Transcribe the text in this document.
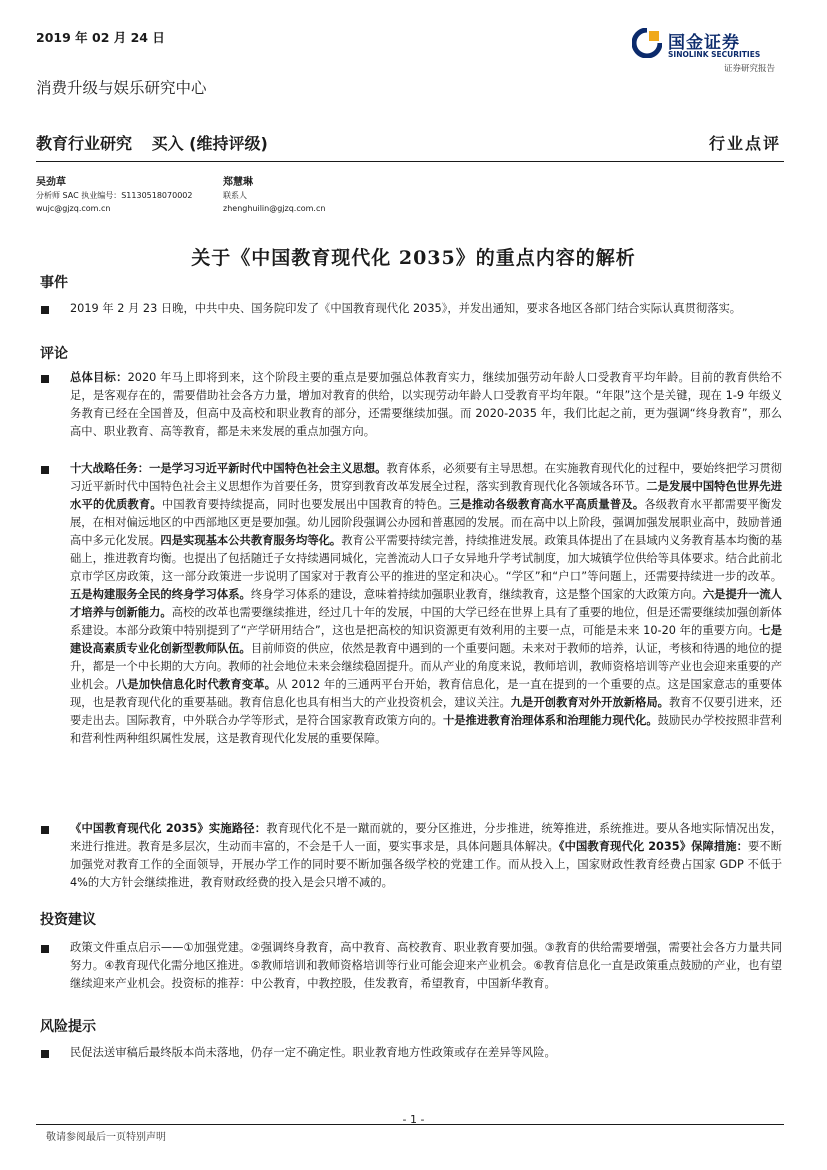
2019 年 02 月 24 日	国金证券
SINOLINK SECURITIES
证券研究报告
消费升级与娱乐研究中心
教育行业研究 买入 (维持评级)	行业点评
吴劲草
分析师 SAC 执业编号：S1130518070002
wujc@gjzq.com.cn
郑慧琳
联系人
zhenghuilin@gjzq.com.cn
关于《中国教育现代化 2035》的重点内容的解析
事件
2019 年 2 月 23 日晚，中共中央、国务院印发了《中国教育现代化 2035》，并发出通知，要求各地区各部门结合实际认真贯彻落实。
评论
总体目标：2020 年马上即将到来，这个阶段主要的重点是要加强总体教育实力，继续加强劳动年龄人口受教育平均年龄。目前的教育供给不足，是客观存在的，需要借助社会各方力量，增加对教育的供给，以实现劳动年龄人口受教育平均年限。“年限”这个是关键，现在 1-9 年级义务教育已经在全国普及，但高中及高校和职业教育的部分，还需要继续加强。而 2020-2035 年，我们比起之前，更为强调“终身教育”，那么高中、职业教育、高等教育，都是未来发展的重点加强方向。
十大战略任务：一是学习习近平新时代中国特色社会主义思想。教育体系，必须要有主导思想。在实施教育现代化的过程中，要始终把学习贯彻习近平新时代中国特色社会主义思想作为首要任务，贯穿到教育改革发展全过程，落实到教育现代化各领域各环节。二是发展中国特色世界先进水平的优质教育。中国教育要持续提高，同时也要发展出中国教育的特色。三是推动各级教育高水平高质量普及。各级教育水平都需要平衡发展，在相对偏远地区的中西部地区更是要加强。幼儿园阶段强调公办园和普惠园的发展。而在高中以上阶段，强调加强发展职业高中，鼓励普通高中多元化发展。四是实现基本公共教育服务均等化。教育公平需要持续完善，持续推进发展。政策具体提出了在县域内义务教育基本均衡的基础上，推进教育均衡。也提出了包括随迁子女持续遇同城化，完善流动人口子女异地升学考试制度，加大城镇学位供给等具体要求。结合此前北京市学区房政策，这一部分政策进一步说明了国家对于教育公平的推进的坚定和决心。“学区”和“户口”等问题上，还需要持续进一步的改革。五是构建服务全民的终身学习体系。终身学习体系的建设，意味着持续加强职业教育，继续教育，这是整个国家的大政策方向。六是提升一流人才培养与创新能力。高校的改革也需要继续推进，经过几十年的发展，中国的大学已经在世界上具有了重要的地位，但是还需要继续加强创新体系建设。本部分政策中特别提到了“产学研用结合”，这也是把高校的知识资源更有效利用的主要一点，可能是未来 10-20 年的重要方向。七是建设高素质专业化创新型教师队伍。目前师资的供应，依然是教育中遇到的一个重要问题。未来对于教师的培养，认证，考核和待遇的地位的提升，都是一个中长期的大方向。教师的社会地位未来会继续稳固提升。而从产业的角度来说，教师培训，教师资格培训等产业也会迎来重要的产业机会。八是加快信息化时代教育变革。从 2012 年的三通两平台开始，教育信息化，是一直在提到的一个重要的点。这是国家意志的重要体现，也是教育现代化的重要基础。教育信息化也具有相当大的产业投资机会，建议关注。九是开创教育对外开放新格局。教育不仅要引进来，还要走出去。国际教育，中外联合办学等形式，是符合国家教育政策方向的。十是推进教育治理体系和治理能力现代化。鼓励民办学校按照非营利和营利性两种组织属性发展，这是教育现代化发展的重要保障。
《中国教育现代化 2035》实施路径：教育现代化不是一蹴而就的，要分区推进，分步推进，统筹推进，系统推进。要从各地实际情况出发，来进行推进。教育是多层次，生动而丰富的，不会是千人一面，要实事求是，具体问题具体解决。《中国教育现代化 2035》保障措施：要不断加强党对教育工作的全面领导，开展办学工作的同时要不断加强各级学校的党建工作。而从投入上，国家财政性教育经费占国家 GDP 不低于 4%的大方针会继续推进，教育财政经费的投入是会只增不减的。
投资建议
政策文件重点启示——①加强党建。②强调终身教育，高中教育、高校教育、职业教育要加强。③教育的供给需要增强，需要社会各方力量共同努力。④教育现代化需分地区推进。⑤教师培训和教师资格培训等行业可能会迎来产业机会。⑥教育信息化一直是政策重点鼓励的产业，也有望继续迎来产业机会。投资标的推荐：中公教育，中教控股，佳发教育，希望教育，中国新华教育。
风险提示
民促法送审稿后最终版本尚未落地，仍存一定不确定性。职业教育地方性政策或存在差异等风险。
- 1 -
敬请参阅最后一页特别声明
